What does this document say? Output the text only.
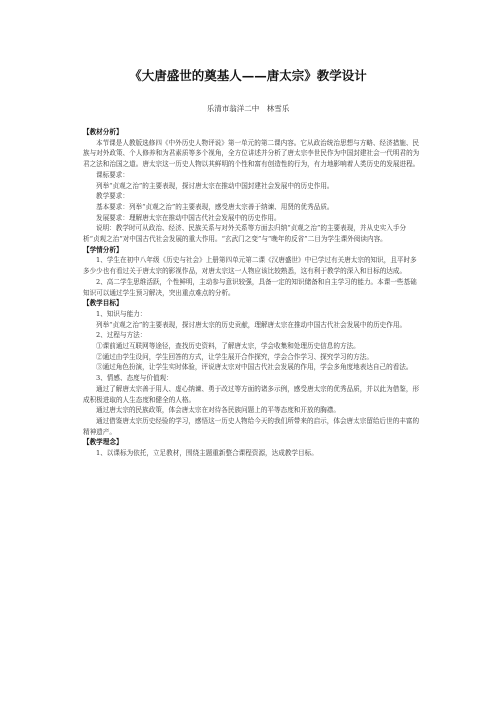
《大唐盛世的奠基人——唐太宗》教学设计
乐清市翁洋二中　林雪乐

【教材分析】

本节课是人教版选修四《中外历史人物评说》第一单元的第二课内容。它从政治统治思想与方略、经济措施、民族与对外政策、个人修养和为君素质等多个视角，全方位讲述并分析了唐太宗李世民作为中国封建社会一代明君的为君之法和治国之道。唐太宗这一历史人物以其鲜明的个性和富有创造性的行为，有力地影响着人类历史的发展进程。

课标要求：

列举“贞观之治”的主要表现，探讨唐太宗在推动中国封建社会发展中的历史作用。

教学要求：

基本要求：列举“贞观之治”的主要表现，感受唐太宗善于纳谏、用贤的优秀品质。

发展要求：理解唐太宗在推动中国古代社会发展中的历史作用。

说明：教学时可从政治、经济、民族关系与对外关系等方面去归纳“贞观之治”的主要表现，并从史实入手分析“贞观之治”对中国古代社会发展的重大作用。“玄武门之变”与“晚年的反省”二目为学生课外阅读内容。

【学情分析】

1、学生在初中八年级《历史与社会》上册第四单元第二课《汉唐盛世》中已学过有关唐太宗的知识，且平时多多少少也有看过关于唐太宗的影视作品，对唐太宗这一人物应该比较熟悉，这有利于教学的深入和目标的达成。

2、高二学生思维活跃，个性鲜明，主动参与意识较强，具备一定的知识储备和自主学习的能力。本课一些基础知识可以通过学生预习解决，突出重点难点的分析。

【教学目标】

1、知识与能力：

列举“贞观之治”的主要表现，探讨唐太宗的历史贡献，理解唐太宗在推动中国古代社会发展中的历史作用。

2、过程与方法：

①课前通过互联网等途径，查找历史资料，了解唐太宗，学会收集和处理历史信息的方法。

②通过由学生设问，学生回答的方式，让学生展开合作探究，学会合作学习、探究学习的方法。

③通过角色扮演，让学生实时体验，评说唐太宗对中国古代社会发展的作用，学会多角度地表达自己的看法。

3、情感、态度与价值观：

通过了解唐太宗善于用人、虚心纳谏、勇于改过等方面的诸多示例，感受唐太宗的优秀品质，并以此为借鉴，形成积极进取的人生态度和健全的人格。

通过唐太宗的民族政策，体会唐太宗在对待各民族问题上的平等态度和开放的胸襟。

通过借鉴唐太宗历史经验的学习，感悟这一历史人物给今天的我们所带来的启示，体会唐太宗留给后世的丰富的精神遗产。

【教学理念】

1、以课标为依托，立足教材，围绕主题重新整合课程资源，达成教学目标。
